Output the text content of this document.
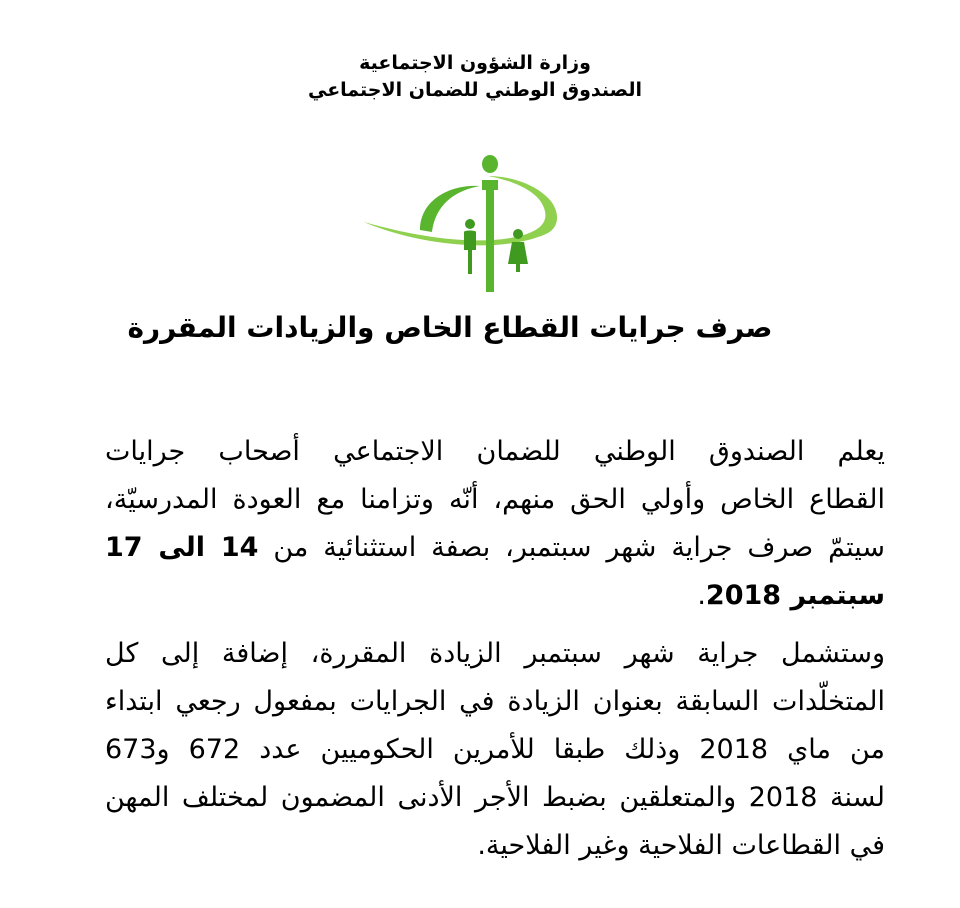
وزارة الشؤون الاجتماعية
الصندوق الوطني للضمان الاجتماعي
صرف جرايات القطاع الخاص والزيادات المقررة
يعلم الصندوق الوطني للضمان الاجتماعي أصحاب جرايات
القطاع الخاص وأولي الحق منهم، أنّه وتزامنا مع العودة المدرسيّة،
سيتمّ صرف جراية شهر سبتمبر، بصفة استثنائية من 14 الى 17
سبتمبر 2018.
وستشمل جراية شهر سبتمبر الزيادة المقررة، إضافة إلى كل
المتخلّدات السابقة بعنوان الزيادة في الجرايات بمفعول رجعي ابتداء
من ماي 2018 وذلك طبقا للأمرين الحكوميين عدد 672 و673
لسنة 2018 والمتعلقين بضبط الأجر الأدنى المضمون لمختلف المهن
في القطاعات الفلاحية وغير الفلاحية.
